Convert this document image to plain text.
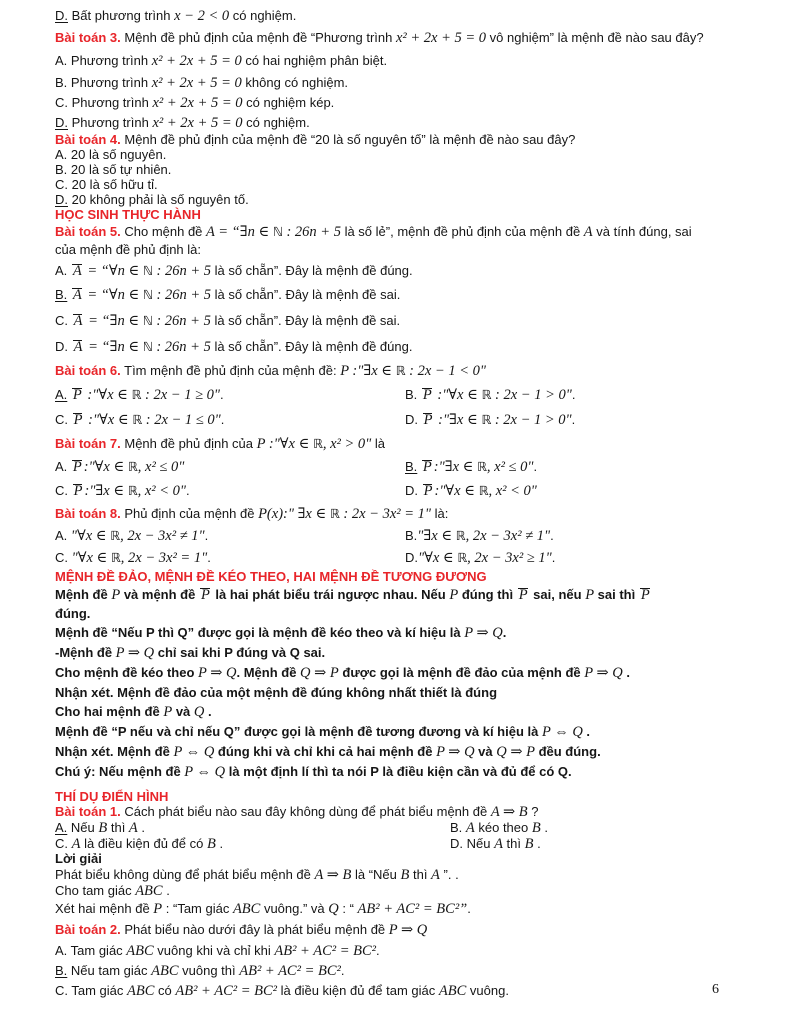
D. Bất phương trình x − 2 < 0 có nghiệm.
Bài toán 3. Mệnh đề phủ định của mệnh đề “Phương trình x² + 2x + 5 = 0 vô nghiệm” là mệnh đề nào sau đây?
A. Phương trình x² + 2x + 5 = 0 có hai nghiệm phân biệt.
B. Phương trình x² + 2x + 5 = 0 không có nghiệm.
C. Phương trình x² + 2x + 5 = 0 có nghiệm kép.
D. Phương trình x² + 2x + 5 = 0 có nghiệm.
Bài toán 4. Mệnh đề phủ định của mệnh đề “20 là số nguyên tố” là mệnh đề nào sau đây?
A. 20 là số nguyên.
B. 20 là số tự nhiên.
C. 20 là số hữu tỉ.
D. 20 không phải là số nguyên tố.
HỌC SINH THỰC HÀNH
Bài toán 5. Cho mệnh đề A = “∃n ∈ ℕ : 26n + 5 là số lẻ”, mệnh đề phủ định của mệnh đề A và tính đúng, sai
của mệnh đề phủ định là:
A. A = “∀n ∈ ℕ : 26n + 5 là số chẵn”. Đây là mệnh đề đúng.
B. A = “∀n ∈ ℕ : 26n + 5 là số chẵn”. Đây là mệnh đề sai.
C. A = “∃n ∈ ℕ : 26n + 5 là số chẵn”. Đây là mệnh đề sai.
D. A = “∃n ∈ ℕ : 26n + 5 là số chẵn”. Đây là mệnh đề đúng.
Bài toán 6. Tìm mệnh đề phủ định của mệnh đề: P :"∃x ∈ ℝ : 2x − 1 < 0"
A. P :"∀x ∈ ℝ : 2x − 1 ≥ 0".	B. P :"∀x ∈ ℝ : 2x − 1 > 0".
C. P :"∀x ∈ ℝ : 2x − 1 ≤ 0".	D. P :"∃x ∈ ℝ : 2x − 1 > 0".
Bài toán 7. Mệnh đề phủ định của P :"∀x ∈ ℝ, x² > 0" là
A. P :"∀x ∈ ℝ, x² ≤ 0"	B. P :"∃x ∈ ℝ, x² ≤ 0".
C. P :"∃x ∈ ℝ, x² < 0".	D. P :"∀x ∈ ℝ, x² < 0"
Bài toán 8. Phủ định của mệnh đề P(x):" ∃x ∈ ℝ : 2x − 3x² = 1" là:
A. "∀x ∈ ℝ, 2x − 3x² ≠ 1".	B."∃x ∈ ℝ, 2x − 3x² ≠ 1".
C. "∀x ∈ ℝ, 2x − 3x² = 1".	D."∀x ∈ ℝ, 2x − 3x² ≥ 1".
MỆNH ĐỀ ĐẢO, MỆNH ĐỀ KÉO THEO, HAI MỆNH ĐỀ TƯƠNG ĐƯƠNG
Mệnh đề P và mệnh đề P là hai phát biểu trái ngược nhau. Nếu P đúng thì P sai, nếu P sai thì P
đúng.
Mệnh đề “Nếu P thì Q” được gọi là mệnh đề kéo theo và kí hiệu là P ⇒ Q.
-Mệnh đề P ⇒ Q chỉ sai khi P đúng và Q sai.
Cho mệnh đề kéo theo P ⇒ Q. Mệnh đề Q ⇒ P được gọi là mệnh đề đảo của mệnh đề P ⇒ Q .
Nhận xét. Mệnh đề đảo của một mệnh đề đúng không nhất thiết là đúng
Cho hai mệnh đề P và Q .
Mệnh đề “P nếu và chỉ nếu Q” được gọi là mệnh đề tương đương và kí hiệu là P ⇔ Q .
Nhận xét. Mệnh đề P ⇔ Q đúng khi và chỉ khi cả hai mệnh đề P ⇒ Q và Q ⇒ P đều đúng.
Chú ý: Nếu mệnh đề P ⇔ Q là một định lí thì ta nói P là điều kiện cần và đủ để có Q.
THÍ DỤ ĐIỂN HÌNH
Bài toán 1. Cách phát biểu nào sau đây không dùng để phát biểu mệnh đề A ⇒ B ?
A. Nếu B thì A .	B. A kéo theo B .
C. A là điều kiện đủ để có B .	D. Nếu A thì B .
Lời giải
Phát biểu không dùng để phát biểu mệnh đề A ⇒ B là “Nếu B thì A ”. .
Cho tam giác ABC .
Xét hai mệnh đề P : “Tam giác ABC vuông.” và Q : “ AB² + AC² = BC²”.
Bài toán 2. Phát biểu nào dưới đây là phát biểu mệnh đề P ⇒ Q
A. Tam giác ABC vuông khi và chỉ khi AB² + AC² = BC².
B. Nếu tam giác ABC vuông thì AB² + AC² = BC².
C. Tam giác ABC có AB² + AC² = BC² là điều kiện đủ để tam giác ABC vuông.	6
